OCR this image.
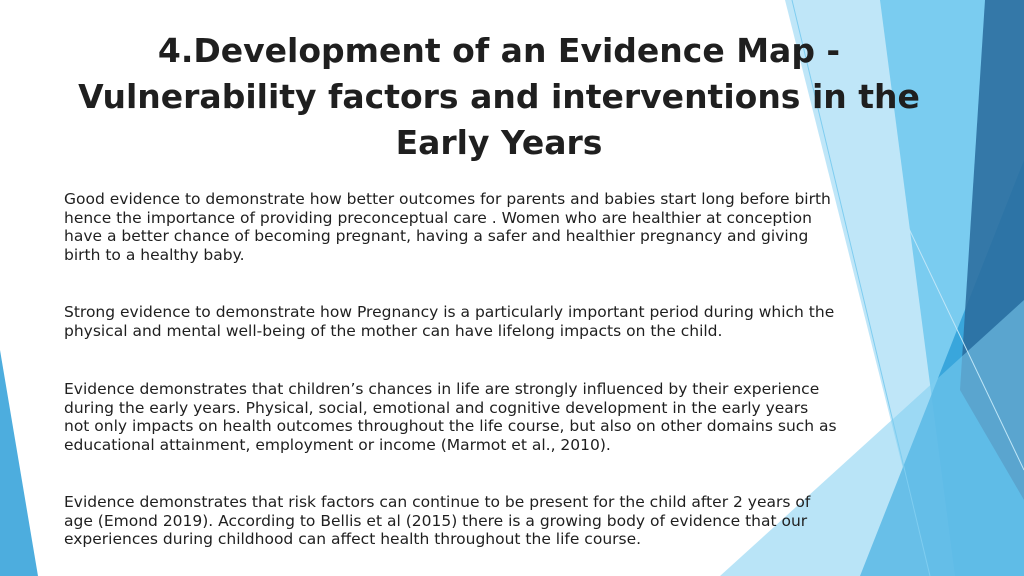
4.Development of an Evidence Map -
Vulnerability factors and interventions in the
Early Years

Good evidence to demonstrate how better outcomes for parents and babies start long before birth
hence the importance of providing preconceptual care . Women who are healthier at conception
have a better chance of becoming pregnant, having a safer and healthier pregnancy and giving
birth to a healthy baby.

Strong evidence to demonstrate how Pregnancy is a particularly important period during which the
physical and mental well-being of the mother can have lifelong impacts on the child.

Evidence demonstrates that children’s chances in life are strongly influenced by their experience
during the early years. Physical, social, emotional and cognitive development in the early years
not only impacts on health outcomes throughout the life course, but also on other domains such as
educational attainment, employment or income (Marmot et al., 2010).

Evidence demonstrates that risk factors can continue to be present for the child after 2 years of
age (Emond 2019). According to Bellis et al (2015) there is a growing body of evidence that our
experiences during childhood can affect health throughout the life course.
